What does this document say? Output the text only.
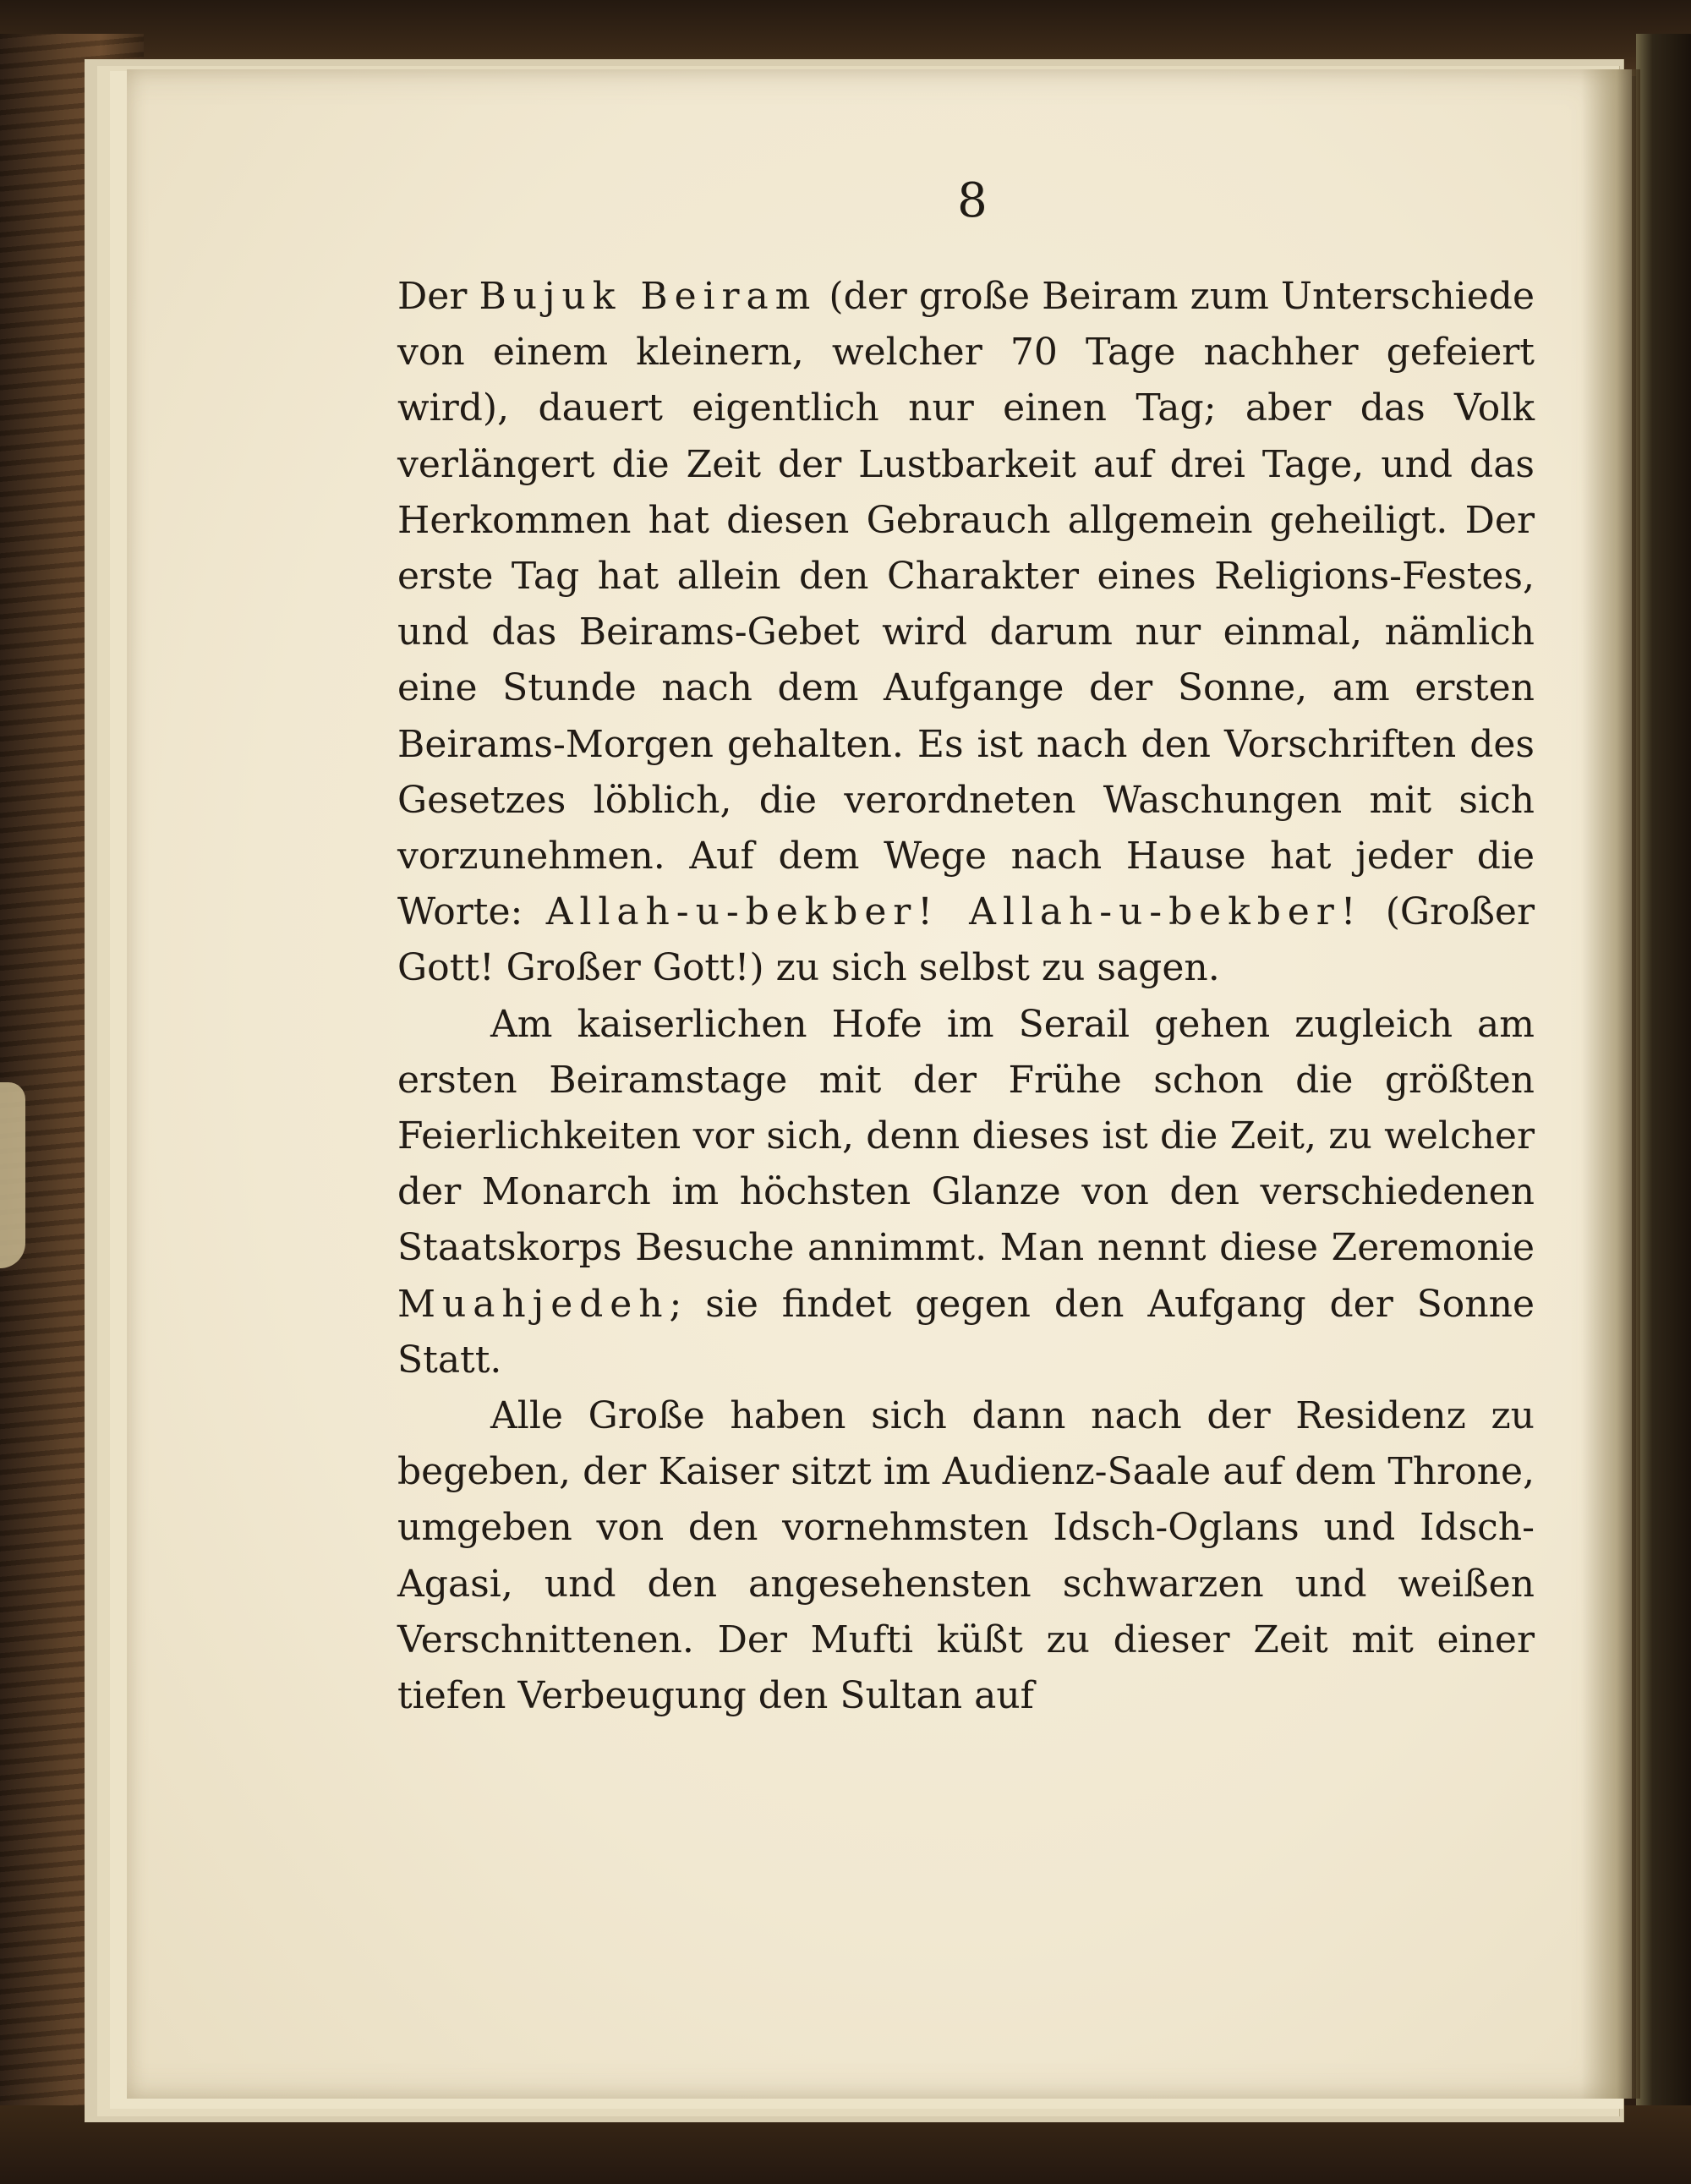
8

Der Bujuk Beiram (der große Beiram zum Unterschiede von einem kleinern, welcher 70 Tage nachher gefeiert wird), dauert eigentlich nur einen Tag; aber das Volk verlängert die Zeit der Lustbarkeit auf drei Tage, und das Herkommen hat diesen Gebrauch allgemein geheiligt. Der erste Tag hat allein den Charakter eines Religions-Festes, und das Beirams-Gebet wird darum nur einmal, nämlich eine Stunde nach dem Aufgange der Sonne, am ersten Beirams-Morgen gehalten. Es ist nach den Vorschriften des Gesetzes löblich, die verordneten Waschungen mit sich vorzunehmen. Auf dem Wege nach Hause hat jeder die Worte: Allah-u-bekber! Allah-u-bekber! (Großer Gott! Großer Gott!) zu sich selbst zu sagen.

Am kaiserlichen Hofe im Serail gehen zugleich am ersten Beiramstage mit der Frühe schon die größten Feierlichkeiten vor sich, denn dieses ist die Zeit, zu welcher der Monarch im höchsten Glanze von den verschiedenen Staatskorps Besuche annimmt. Man nennt diese Zeremonie Muahjedeh; sie findet gegen den Aufgang der Sonne Statt.

Alle Große haben sich dann nach der Residenz zu begeben, der Kaiser sitzt im Audienz-Saale auf dem Throne, umgeben von den vornehmsten Idsch-Oglans und Idsch-Agasi, und den angesehensten schwarzen und weißen Verschnittenen. Der Mufti küßt zu dieser Zeit mit einer tiefen Verbeugung den Sultan auf
